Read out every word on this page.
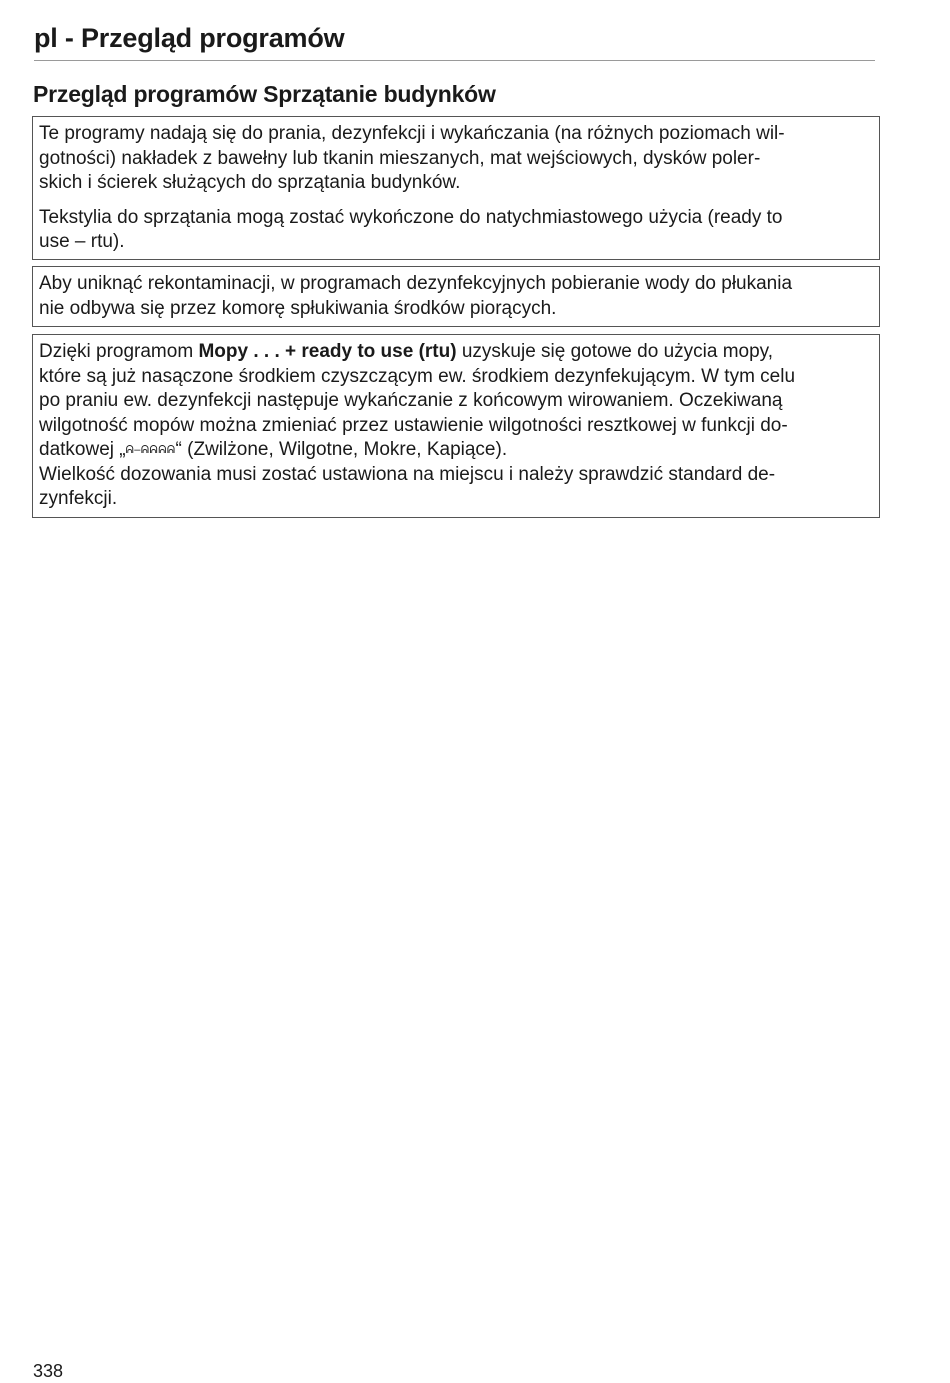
pl - Przegląd programów
Przegląd programów Sprzątanie budynków

Te programy nadają się do prania, dezynfekcji i wykańczania (na różnych poziomach wil-
gotności) nakładek z bawełny lub tkanin mieszanych, mat wejściowych, dysków poler-
skich i ścierek służących do sprzątania budynków.

Tekstylia do sprzątania mogą zostać wykończone do natychmiastowego użycia (ready to
use – rtu).

Aby uniknąć rekontaminacji, w programach dezynfekcyjnych pobieranie wody do płukania
nie odbywa się przez komorę spłukiwania środków piorących.

Dzięki programom Mopy . . . + ready to use (rtu) uzyskuje się gotowe do użycia mopy,
które są już nasączone środkiem czyszczącym ew. środkiem dezynfekującym. W tym celu
po praniu ew. dezynfekcji następuje wykańczanie z końcowym wirowaniem. Oczekiwaną
wilgotność mopów można zmieniać przez ustawienie wilgotności resztkowej w funkcji do-
datkowej „ᕱ–ᕱᕱᕱᕱ“ (Zwilżone, Wilgotne, Mokre, Kapiące).
Wielkość dozowania musi zostać ustawiona na miejscu i należy sprawdzić standard de-
zynfekcji.

338
